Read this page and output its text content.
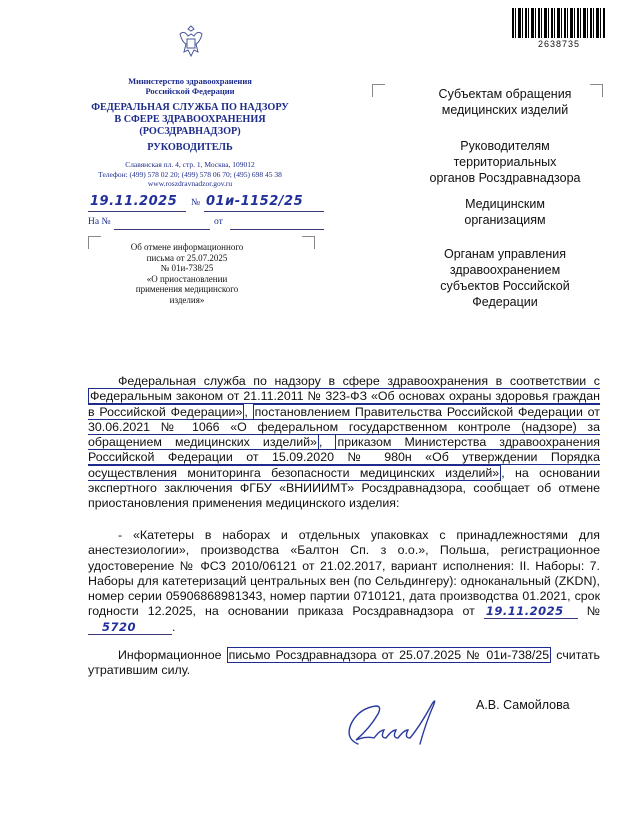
2638735
Министерство здравоохранения
Российской Федерации
ФЕДЕРАЛЬНАЯ СЛУЖБА ПО НАДЗОРУ
В СФЕРЕ ЗДРАВООХРАНЕНИЯ
(РОСЗДРАВНАДЗОР)
РУКОВОДИТЕЛЬ
Славянская пл. 4, стр. 1, Москва, 109012
Телефон: (499) 578 02 20; (499) 578 06 70; (495) 698 45 38
www.roszdravnadzor.gov.ru
19.11.2025 № 01и-1152/25
На №	от
Об отмене информационного
письма от 25.07.2025
№ 01и-738/25
«О приостановлении
применения медицинского
изделия»
Субъектам обращения
медицинских изделий
Руководителям
территориальных
органов Росздравнадзора
Медицинским
организациям
Органам управления
здравоохранением
субъектов Российской
Федерации
Федеральная служба по надзору в сфере здравоохранения в соответствии с Федеральным законом от 21.11.2011 № 323-ФЗ «Об основах охраны здоровья граждан в Российской Федерации» , постановлением Правительства Российской Федерации от 30.06.2021 № 1066 «О федеральном государственном контроле (надзоре) за обращением медицинских изделий» , приказом Министерства здравоохранения Российской Федерации от 15.09.2020 № 980н «Об утверждении Порядка осуществления мониторинга безопасности медицинских изделий» , на основании экспертного заключения ФГБУ «ВНИИИМТ» Росздравнадзора, сообщает об отмене приостановления применения медицинского изделия:
- «Катетеры в наборах и отдельных упаковках с принадлежностями для анестезиологии», производства «Балтон Сп. з о.о.», Польша, регистрационное удостоверение № ФСЗ 2010/06121 от 21.02.2017, вариант исполнения: II. Наборы: 7. Наборы для катетеризаций центральных вен (по Сельдингеру): одноканальный (ZKDN), номер серии 05906868981343, номер партии 0710121, дата производства 01.2021, срок годности 12.2025, на основании приказа Росздравнадзора от 19.11.2025 № 5720	.
Информационное письмо Росздравнадзора от 25.07.2025 № 01и-738/25 считать утратившим силу.
А.В. Самойлова
